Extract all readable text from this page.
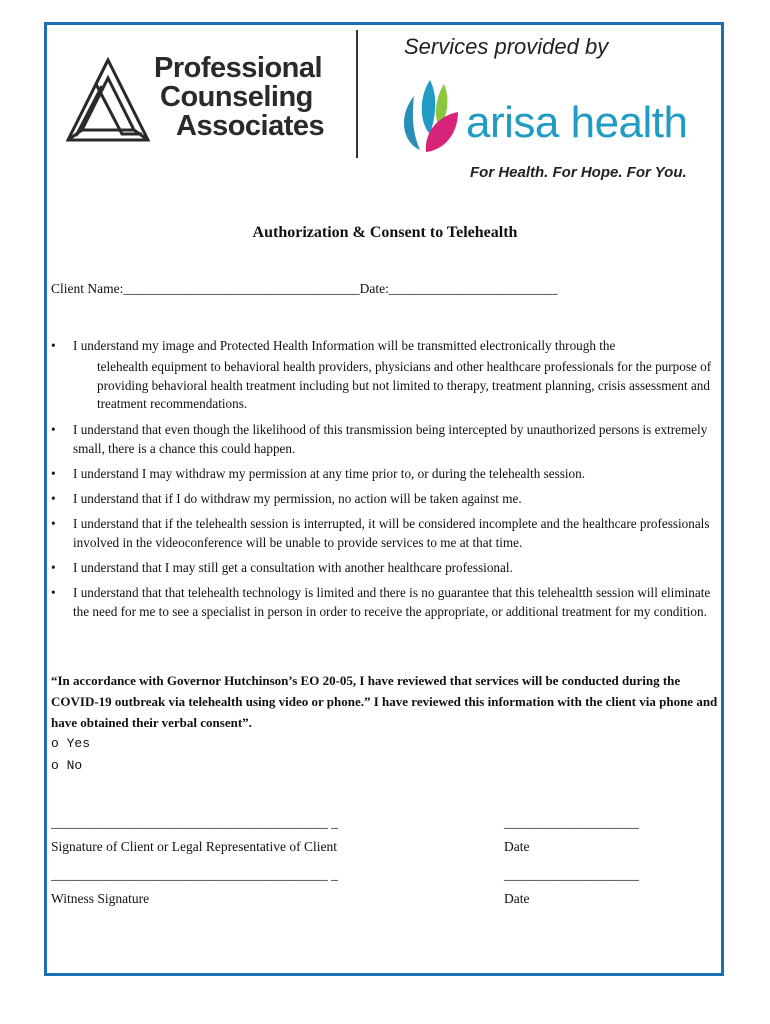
Professional
Counseling
Associates
Services provided by
arisa health
For Health. For Hope. For You.
Authorization & Consent to Telehealth
Client Name:___________________________________Date:_________________________
• I understand my image and Protected Health Information will be transmitted electronically through the
telehealth equipment to behavioral health providers, physicians and other healthcare professionals for the purpose of providing behavioral health treatment including but not limited to therapy, treatment planning, crisis assessment and treatment recommendations.
• I understand that even though the likelihood of this transmission being intercepted by unauthorized persons is extremely small, there is a chance this could happen.
• I understand I may withdraw my permission at any time prior to, or during the telehealth session.
• I understand that if I do withdraw my permission, no action will be taken against me.
• I understand that if the telehealth session is interrupted, it will be considered incomplete and the healthcare professionals involved in the videoconference will be unable to provide services to me at that time.
• I understand that I may still get a consultation with another healthcare professional.
• I understand that that telehealth technology is limited and there is no guarantee that this telehealtth session will eliminate the need for me to see a specialist in person in order to receive the appropriate, or additional treatment for my condition.
“In accordance with Governor Hutchinson’s EO 20-05, I have reviewed that services will be conducted during the COVID-19 outbreak via telehealth using video or phone.” I have reviewed this information with the client via phone and have obtained their verbal consent”.
o Yes
o No
_________________________________________ _	____________________
Signature of Client or Legal Representative of Client	Date
_________________________________________ _	____________________
Witness Signature	Date
